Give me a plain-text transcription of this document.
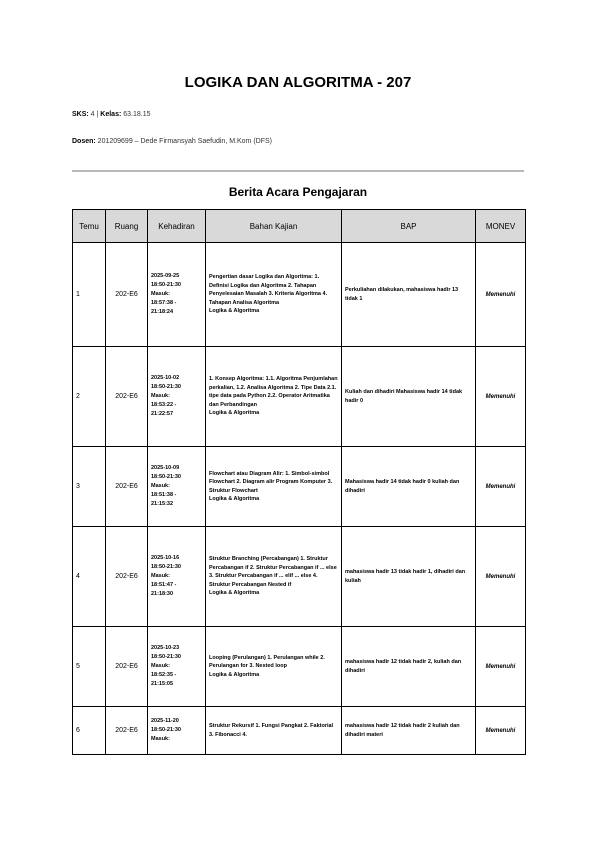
LOGIKA DAN ALGORITMA - 207
SKS: 4 | Kelas: 63.18.15
Dosen: 201209699 – Dede Firmansyah Saefudin, M.Kom (DFS)
Berita Acara Pengajaran
Temu	Ruang	Kehadiran	Bahan Kajian	BAP	MONEV
1	202-E6	2025-09-25
18:50-21:30
Masuk:
18:57:38 -
21:18:24	Pengertian dasar Logika dan Algoritma: 1. Definisi Logika dan Algoritma 2. Tahapan Penyelesaian Masalah 3. Kriteria Algoritma 4. Tahapan Analisa Algoritma
Logika & Algoritma	Perkuliahan dilakukan, mahasiswa hadir 13 tidak 1	Memenuhi
2	202-E6	2025-10-02
18:50-21:30
Masuk:
18:53:22 -
21:22:57	1. Konsep Algoritma: 1.1. Algoritma Penjumlahan perkalian, 1.2. Analisa Algoritma 2. Tipe Data 2.1. tipe data pada Python 2.2. Operator Aritmatika dan Perbandingan
Logika & Algoritma	Kuliah dan dihadiri Mahasiswa hadir 14 tidak hadir 0	Memenuhi
3	202-E6	2025-10-09
18:50-21:30
Masuk:
18:51:38 -
21:15:32	Flowchart atau Diagram Alir: 1. Simbol-simbol Flowchart 2. Diagram alir Program Komputer 3. Struktur Flowchart
Logika & Algoritma	Mahasiswa hadir 14 tidak hadir 0 kuliah dan dihadiri	Memenuhi
4	202-E6	2025-10-16
18:50-21:30
Masuk:
18:51:47 -
21:18:30	Struktur Branching (Percabangan) 1. Struktur Percabangan if 2. Struktur Percabangan if ... else 3. Struktur Percabangan if ... elif ... else 4. Struktur Percabangan Nested if
Logika & Algoritma	mahasiswa hadir 13 tidak hadir 1, dihadiri dan kuliah	Memenuhi
5	202-E6	2025-10-23
18:50-21:30
Masuk:
18:52:35 -
21:15:05	Looping (Perulangan) 1. Perulangan while 2. Perulangan for 3. Nested loop
Logika & Algoritma	mahasiswa hadir 12 tidak hadir 2, kuliah dan dihadiri	Memenuhi
6	202-E6	2025-11-20
18:50-21:30
Masuk:	Struktur Rekursif 1. Fungsi Pangkat 2. Faktorial 3. Fibonacci 4.	mahasiswa hadir 12 tidak hadir 2 kuliah dan dihadiri materi	Memenuhi
